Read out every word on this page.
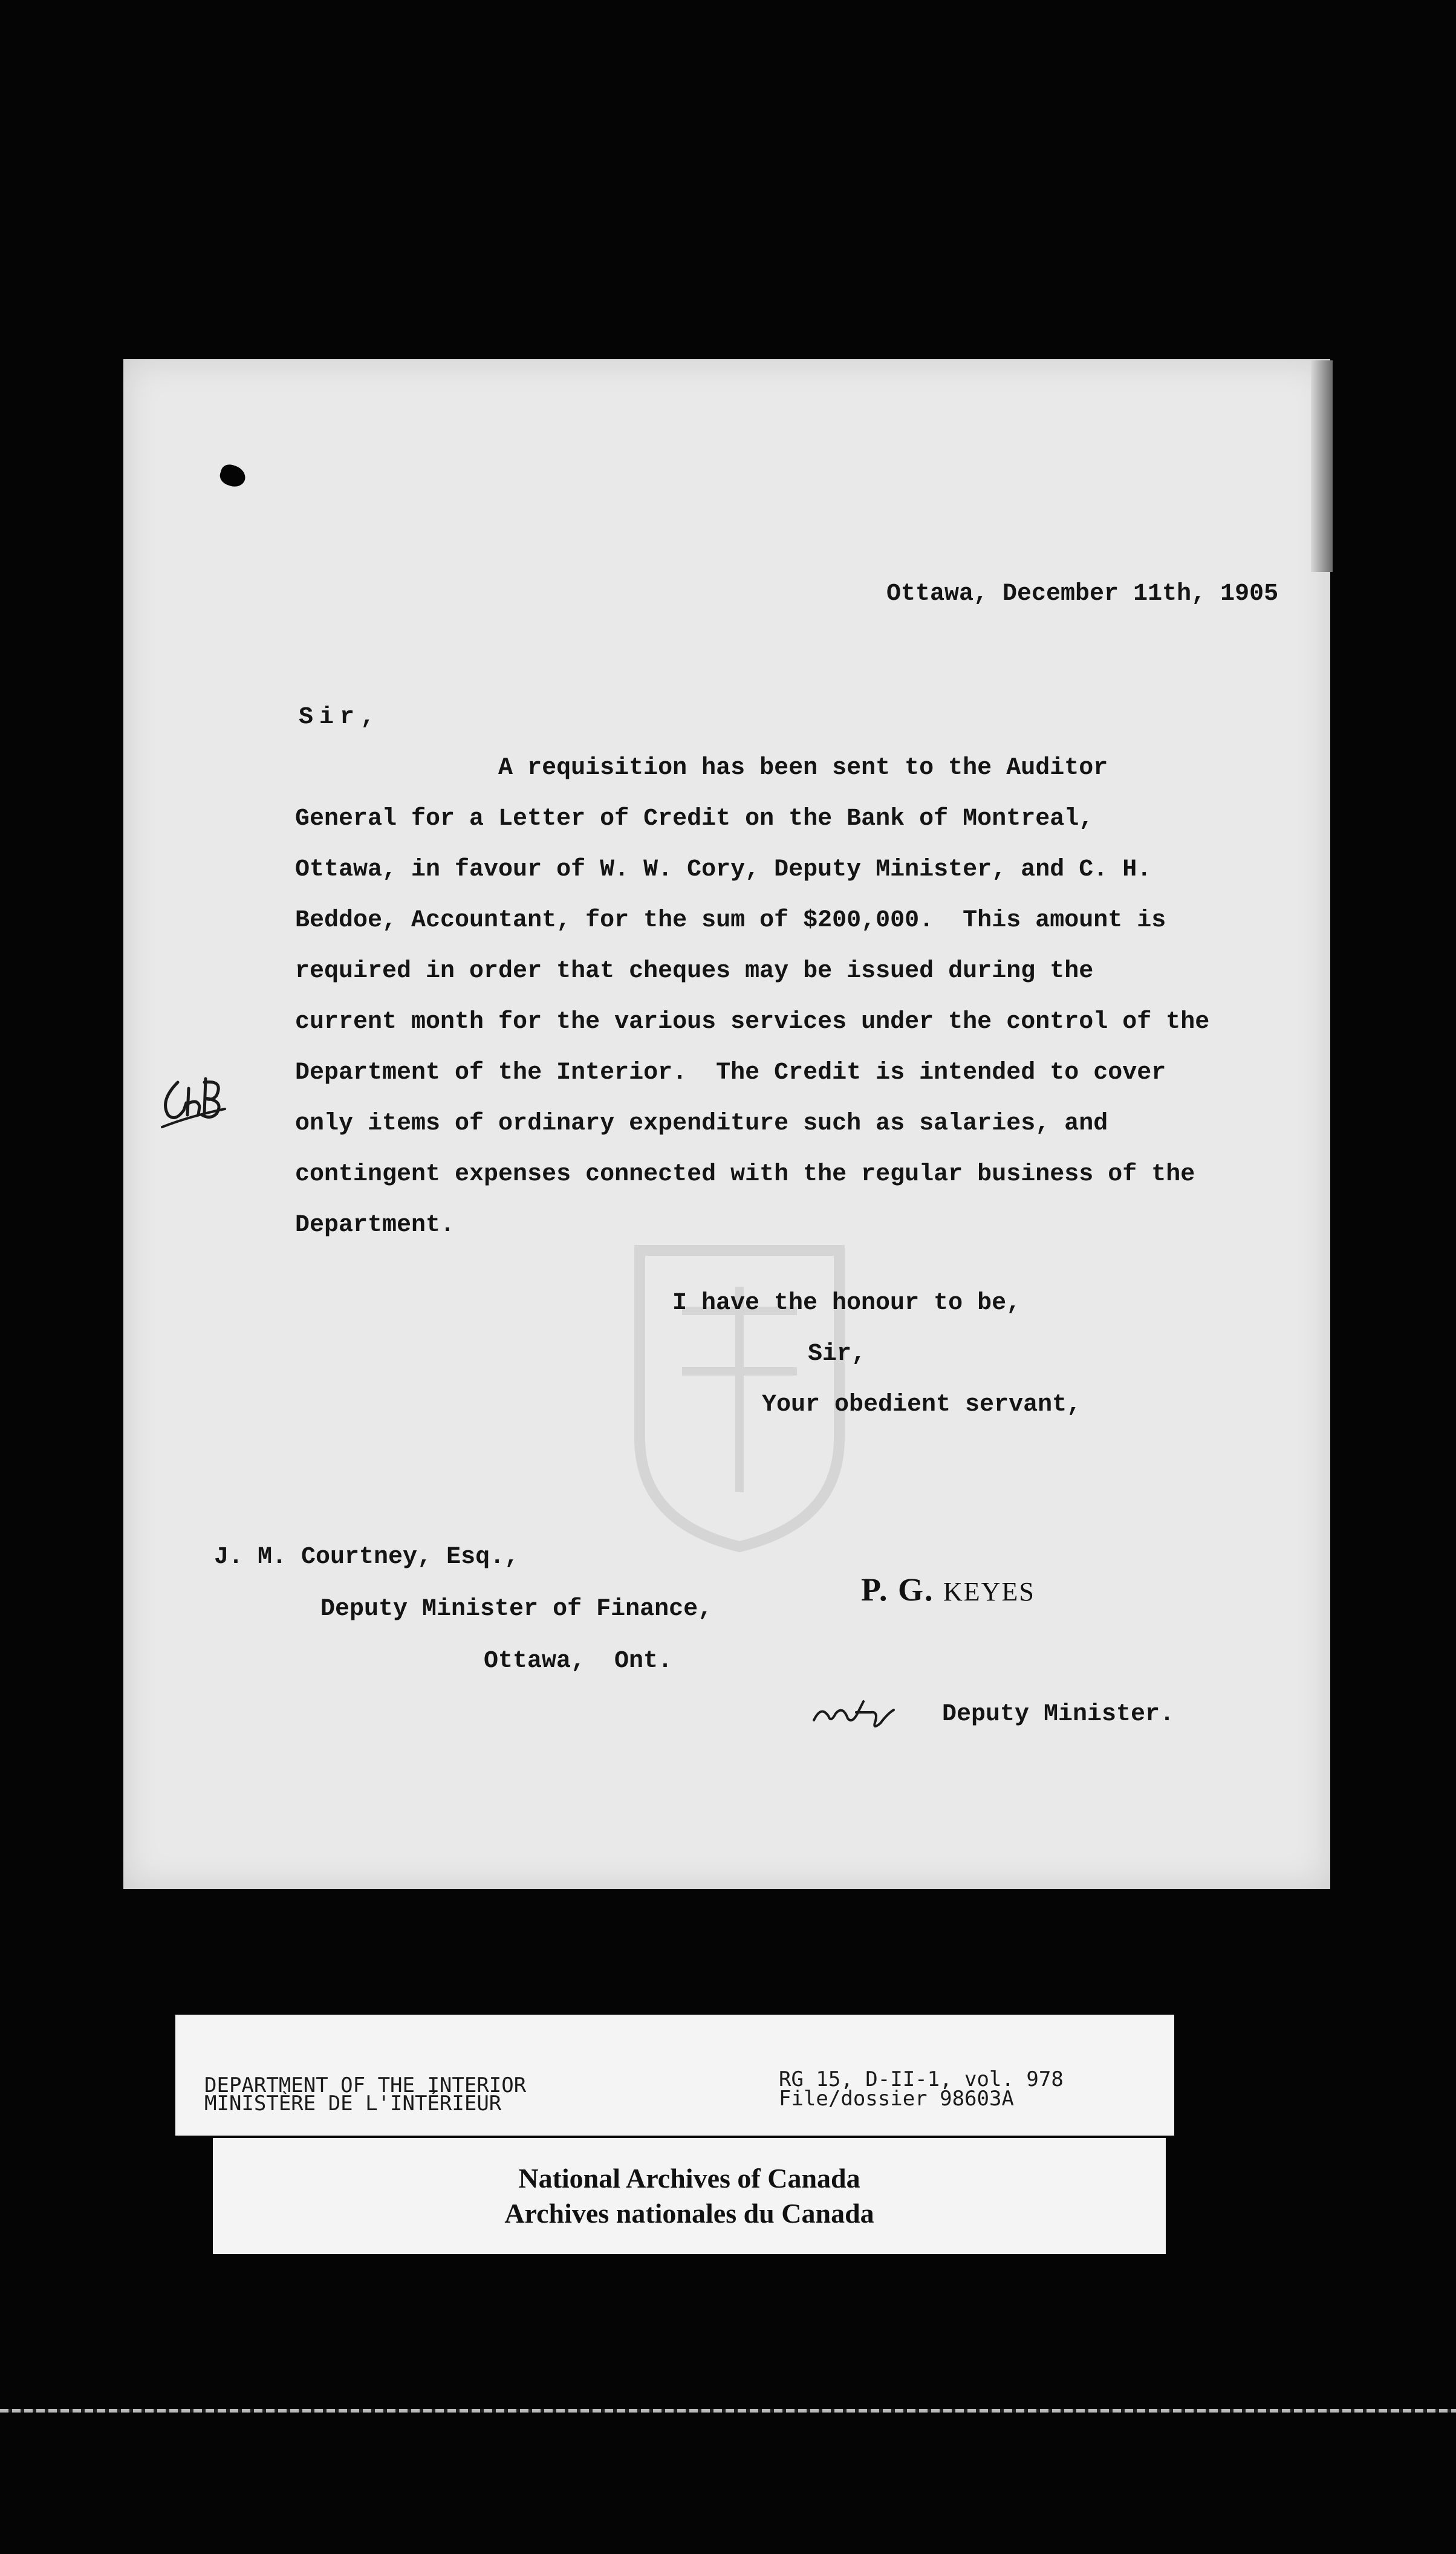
Ottawa, December 11th, 1905
Sir,
A requisition has been sent to the Auditor
General for a Letter of Credit on the Bank of Montreal,
Ottawa, in favour of W. W. Cory, Deputy Minister, and C. H.
Beddoe, Accountant, for the sum of $200,000.  This amount is
required in order that cheques may be issued during the
current month for the various services under the control of the
Department of the Interior.  The Credit is intended to cover
only items of ordinary expenditure such as salaries, and
contingent expenses connected with the regular business of the
Department.
I have the honour to be,
Sir,
Your obedient servant,
J. M. Courtney, Esq.,
Deputy Minister of Finance,
Ottawa,  Ont.
P. G. KEYES
Deputy Minister.
DEPARTMENT OF THE INTERIOR
MINISTÈRE DE L'INTÉRIEUR
RG 15, D-II-1, vol. 978
File/dossier 98603A
National Archives of Canada
Archives nationales du Canada
